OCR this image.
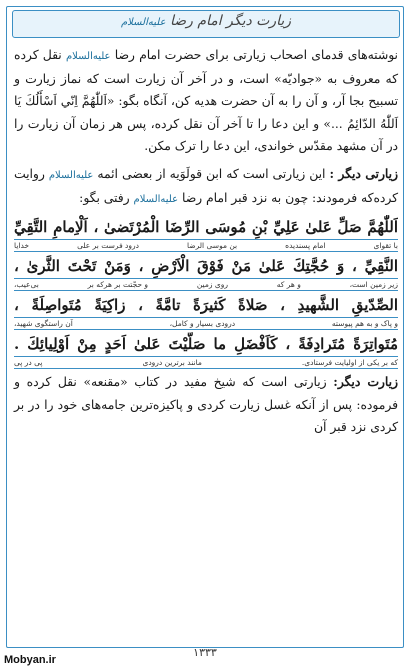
زیارت دیگر امام رضا عليه‌السلام

نوشته‌های قدمای اصحاب زیارتی برای حضرت امام رضا عليه‌السلام نقل کرده که معروف به «جوادیّه» است، و در آخر آن زیارت است که نماز زیارت و تسبیح بجا آر، و آن را به آن حضرت هدیه کن، آنگاه بگو: «اَللّٰهُمَّ اِنّي اَسْأَلُكَ يَا اَللّٰهُ الدّائِمُ ...» و این دعا را تا آخر آن نقل کرده، پس هر زمان آن زیارت را در آن مشهد مقدّس خواندی، این دعا را ترک مکن.

زیارتی دیگر : این زیارتی است که ابن قولَوَیه از بعضی ائمه عليه‌السلام روایت کرده‌که فرمودند: چون به نزد قبر امام رضا عليه‌السلام رفتی بگو:

اَللّٰهُمَّ صَلِّ عَلىٰ عَلِيِّ بْنِ مُوسَى الرِّضَا الْمُرْتَضىٰ ، اَلْاِمامِ التَّقِيِّ

خدایا	درود فرست بر علی	بن موسی الرضا	امام پسندیده	با تقوای

النَّقِيِّ ، وَ حُجَّتِكَ عَلىٰ مَنْ فَوْقَ الْاَرْضِ ، وَمَنْ تَحْتَ الثَّرىٰ ،

بی‌عیب،	و حجّتت بر هرکه بر	روی زمین	و هر که	زیر زمین است،

الصِّدّيقِ الشَّهيدِ ، صَلاةً كَثيرَةً تامَّةً ، زاكِيَةً مُتَواصِلَةً ،

آن راستگوی شهید،	درودی بسیار و کامل،	و پاک و به هم پیوسته

مُتَواتِرَةً مُتَرادِفَةً ، كَاَفْضَلِ ما صَلَّيْتَ عَلىٰ اَحَدٍ مِنْ اَوْلِيائِكَ .

پی در پی	مانند برترین درودی	که بر یکی از اولیایت فرستادی.

زیارت دیگر: زیارتی است که شیخ مفید در کتاب «مقنعه» نقل کرده و فرموده: پس از آنکه غسل زیارت کردی و پاکیزه‌ترین جامه‌های خود را در بر کردی نزد قبر آن

۱۳۳۳
Mobyan.ir
